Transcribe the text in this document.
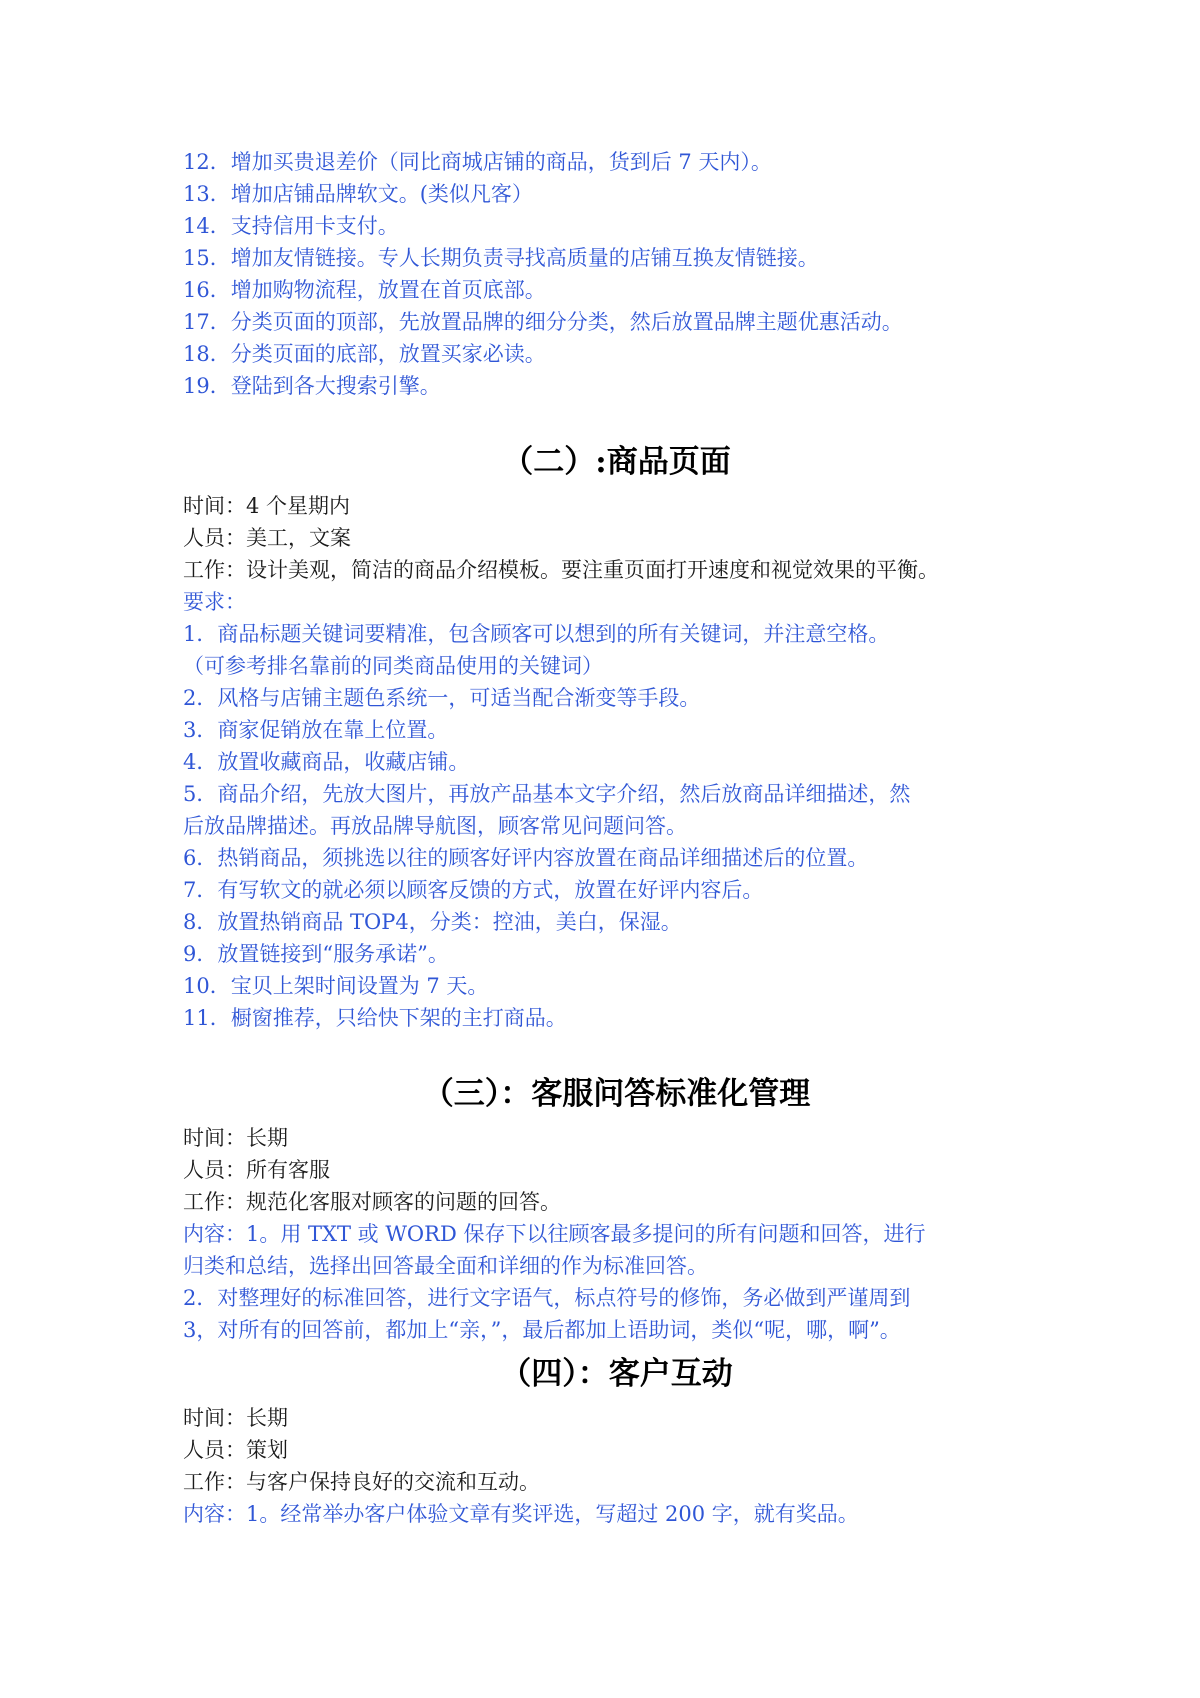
12．增加买贵退差价（同比商城店铺的商品，货到后 7 天内）。

13．增加店铺品牌软文。(类似凡客）

14．支持信用卡支付。

15．增加友情链接。专人长期负责寻找高质量的店铺互换友情链接。

16．增加购物流程，放置在首页底部。

17．分类页面的顶部，先放置品牌的细分分类，然后放置品牌主题优惠活动。

18．分类页面的底部，放置买家必读。

19．登陆到各大搜索引擎。

（二）:商品页面

时间：4 个星期内

人员：美工，文案

工作：设计美观，简洁的商品介绍模板。要注重页面打开速度和视觉效果的平衡。

要求：

1．商品标题关键词要精准，包含顾客可以想到的所有关键词，并注意空格。

（可参考排名靠前的同类商品使用的关键词）

2．风格与店铺主题色系统一，可适当配合渐变等手段。

3．商家促销放在靠上位置。

4．放置收藏商品，收藏店铺。

5．商品介绍，先放大图片，再放产品基本文字介绍，然后放商品详细描述，然

后放品牌描述。再放品牌导航图，顾客常见问题问答。

6．热销商品，须挑选以往的顾客好评内容放置在商品详细描述后的位置。

7．有写软文的就必须以顾客反馈的方式，放置在好评内容后。

8．放置热销商品 TOP4，分类：控油，美白，保湿。

9．放置链接到“服务承诺”。

10．宝贝上架时间设置为 7 天。

11．橱窗推荐，只给快下架的主打商品。

（三）：客服问答标准化管理

时间：长期

人员：所有客服

工作：规范化客服对顾客的问题的回答。

内容：1。用 TXT 或 WORD 保存下以往顾客最多提问的所有问题和回答，进行

归类和总结，选择出回答最全面和详细的作为标准回答。

2．对整理好的标准回答，进行文字语气，标点符号的修饰，务必做到严谨周到

3，对所有的回答前，都加上“亲，”，最后都加上语助词，类似“呢，哪，啊”。

（四）：客户互动

时间：长期

人员：策划

工作：与客户保持良好的交流和互动。

内容：1。经常举办客户体验文章有奖评选，写超过 200 字，就有奖品。
